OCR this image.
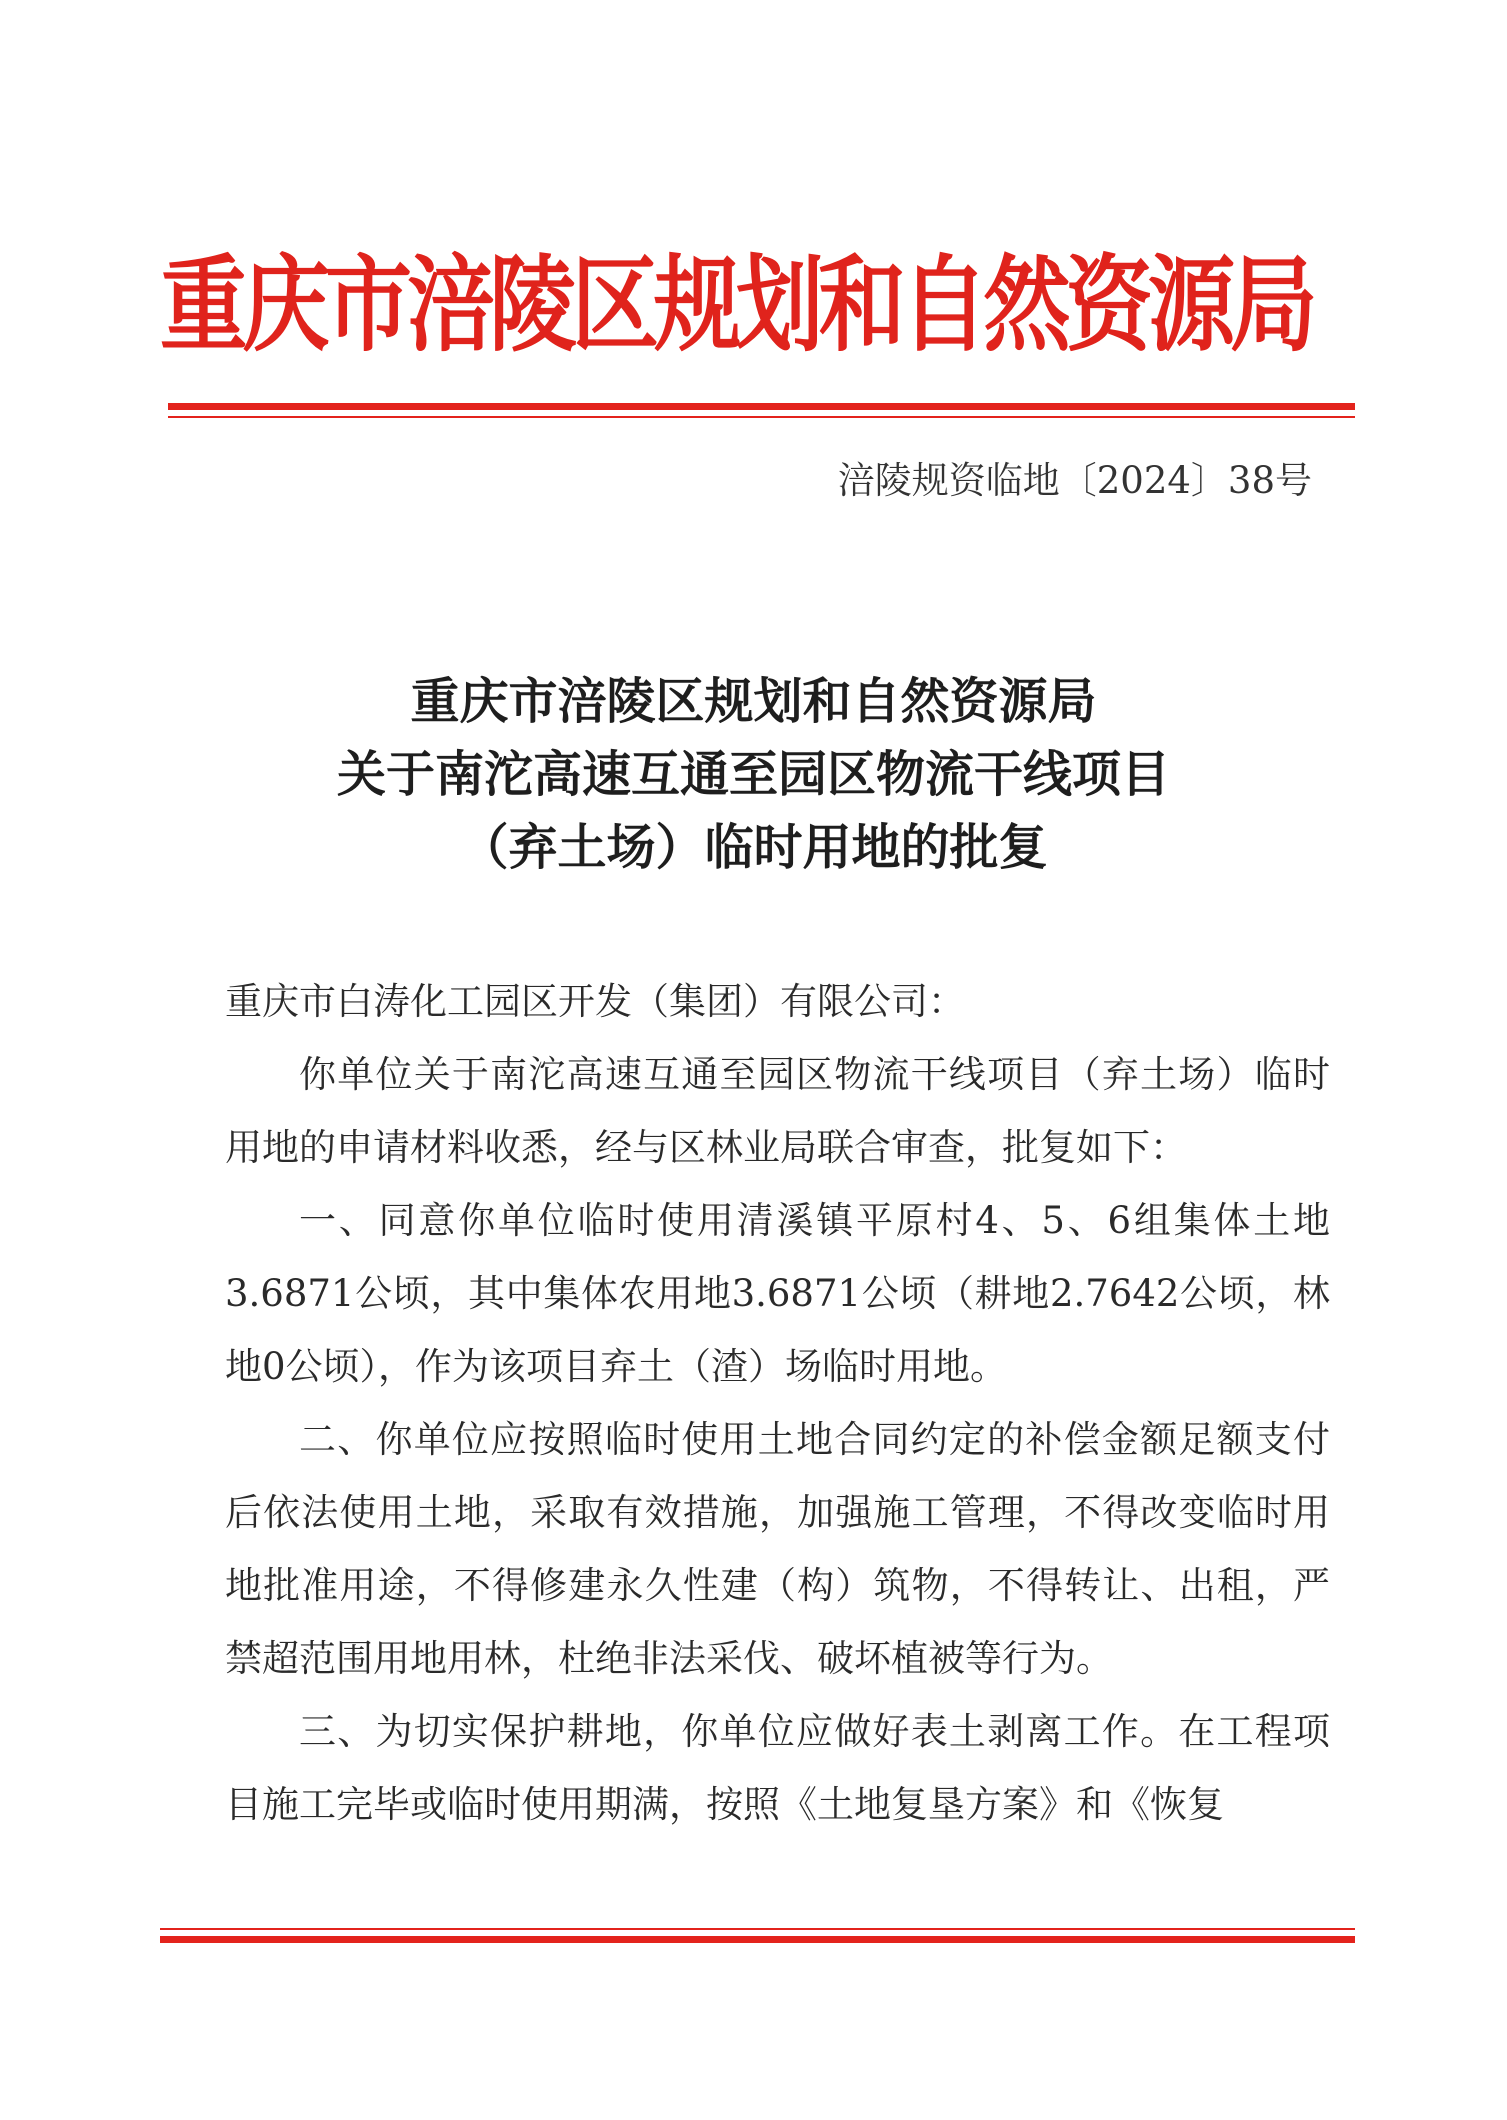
重庆市涪陵区规划和自然资源局
涪陵规资临地〔2024〕38号
重庆市涪陵区规划和自然资源局
关于南沱高速互通至园区物流干线项目
（弃土场）临时用地的批复

重庆市白涛化工园区开发（集团）有限公司：

你单位关于南沱高速互通至园区物流干线项目（弃土场）临时用地的申请材料收悉，经与区林业局联合审查，批复如下：

一、同意你单位临时使用清溪镇平原村4、5、6组集体土地3.6871公顷，其中集体农用地3.6871公顷（耕地2.7642公顷，林地0公顷），作为该项目弃土（渣）场临时用地。

二、你单位应按照临时使用土地合同约定的补偿金额足额支付后依法使用土地，采取有效措施，加强施工管理，不得改变临时用地批准用途，不得修建永久性建（构）筑物，不得转让、出租，严禁超范围用地用林，杜绝非法采伐、破坏植被等行为。

三、为切实保护耕地，你单位应做好表土剥离工作。在工程项目施工完毕或临时使用期满，按照《土地复垦方案》和《恢复
